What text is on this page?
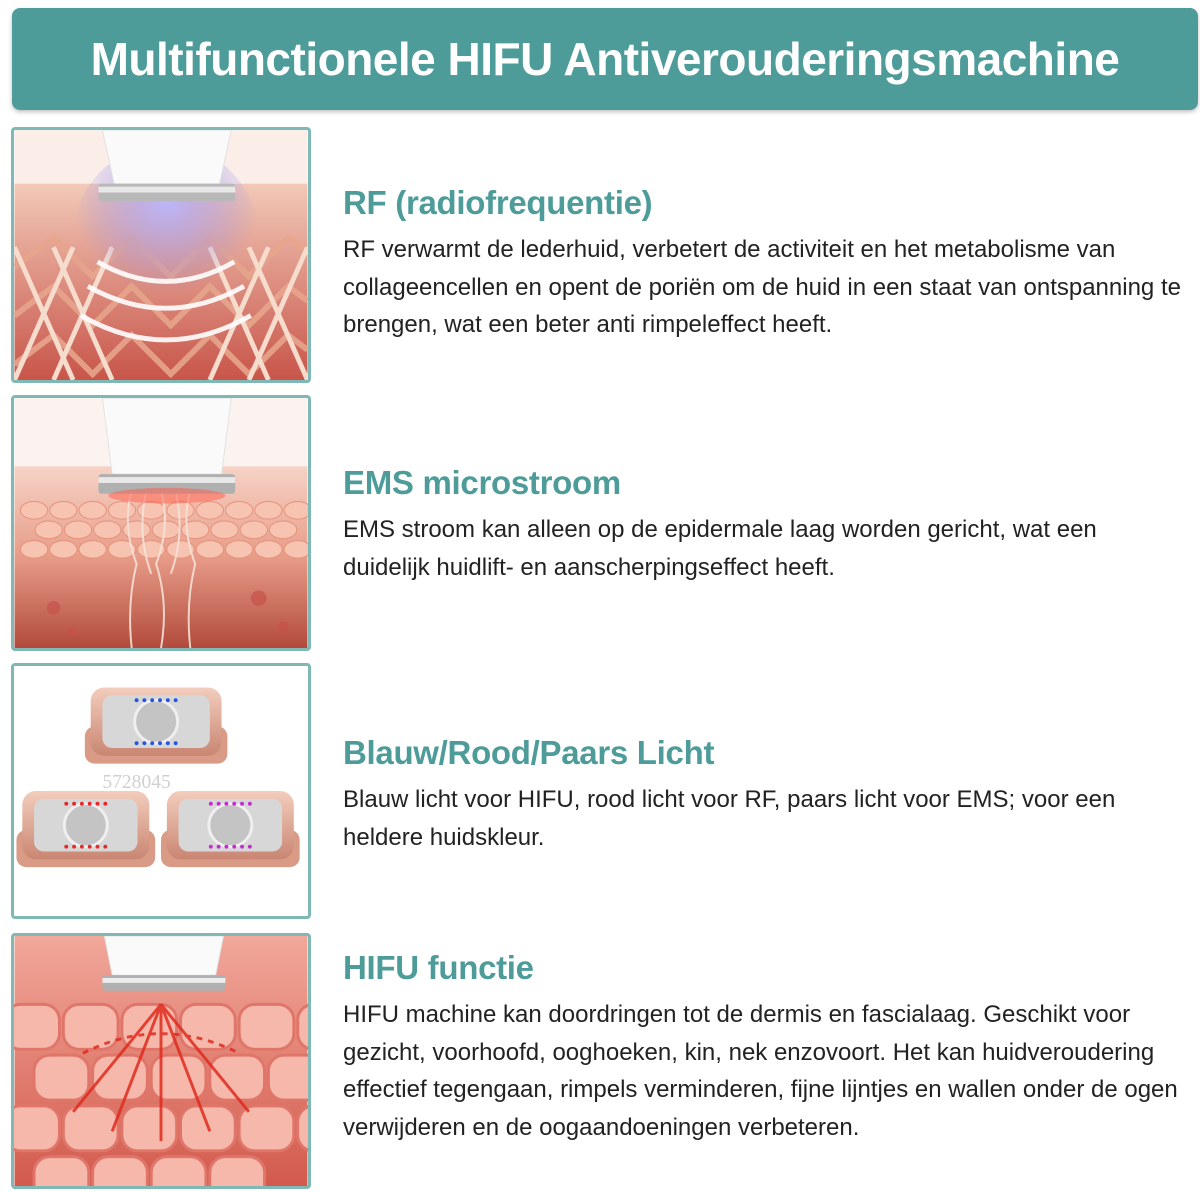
Multifunctionele HIFU Antiverouderingsmachine
RF (radiofrequentie)

RF verwarmt de lederhuid, verbetert de activiteit en het metabolisme van collageencellen en opent de poriën om de huid in een staat van ontspanning te brengen, wat een beter anti rimpeleffect heeft.

EMS microstroom

EMS stroom kan alleen op de epidermale laag worden gericht, wat een duidelijk huidlift- en aanscherpingseffect heeft.

5728045
Blauw/Rood/Paars Licht

Blauw licht voor HIFU, rood licht voor RF, paars licht voor EMS; voor een heldere huidskleur.

HIFU functie

HIFU machine kan doordringen tot de dermis en fascialaag. Geschikt voor gezicht, voorhoofd, ooghoeken, kin, nek enzovoort. Het kan huidveroudering effectief tegengaan, rimpels verminderen, fijne lijntjes en wallen onder de ogen verwijderen en de oogaandoeningen verbeteren.
